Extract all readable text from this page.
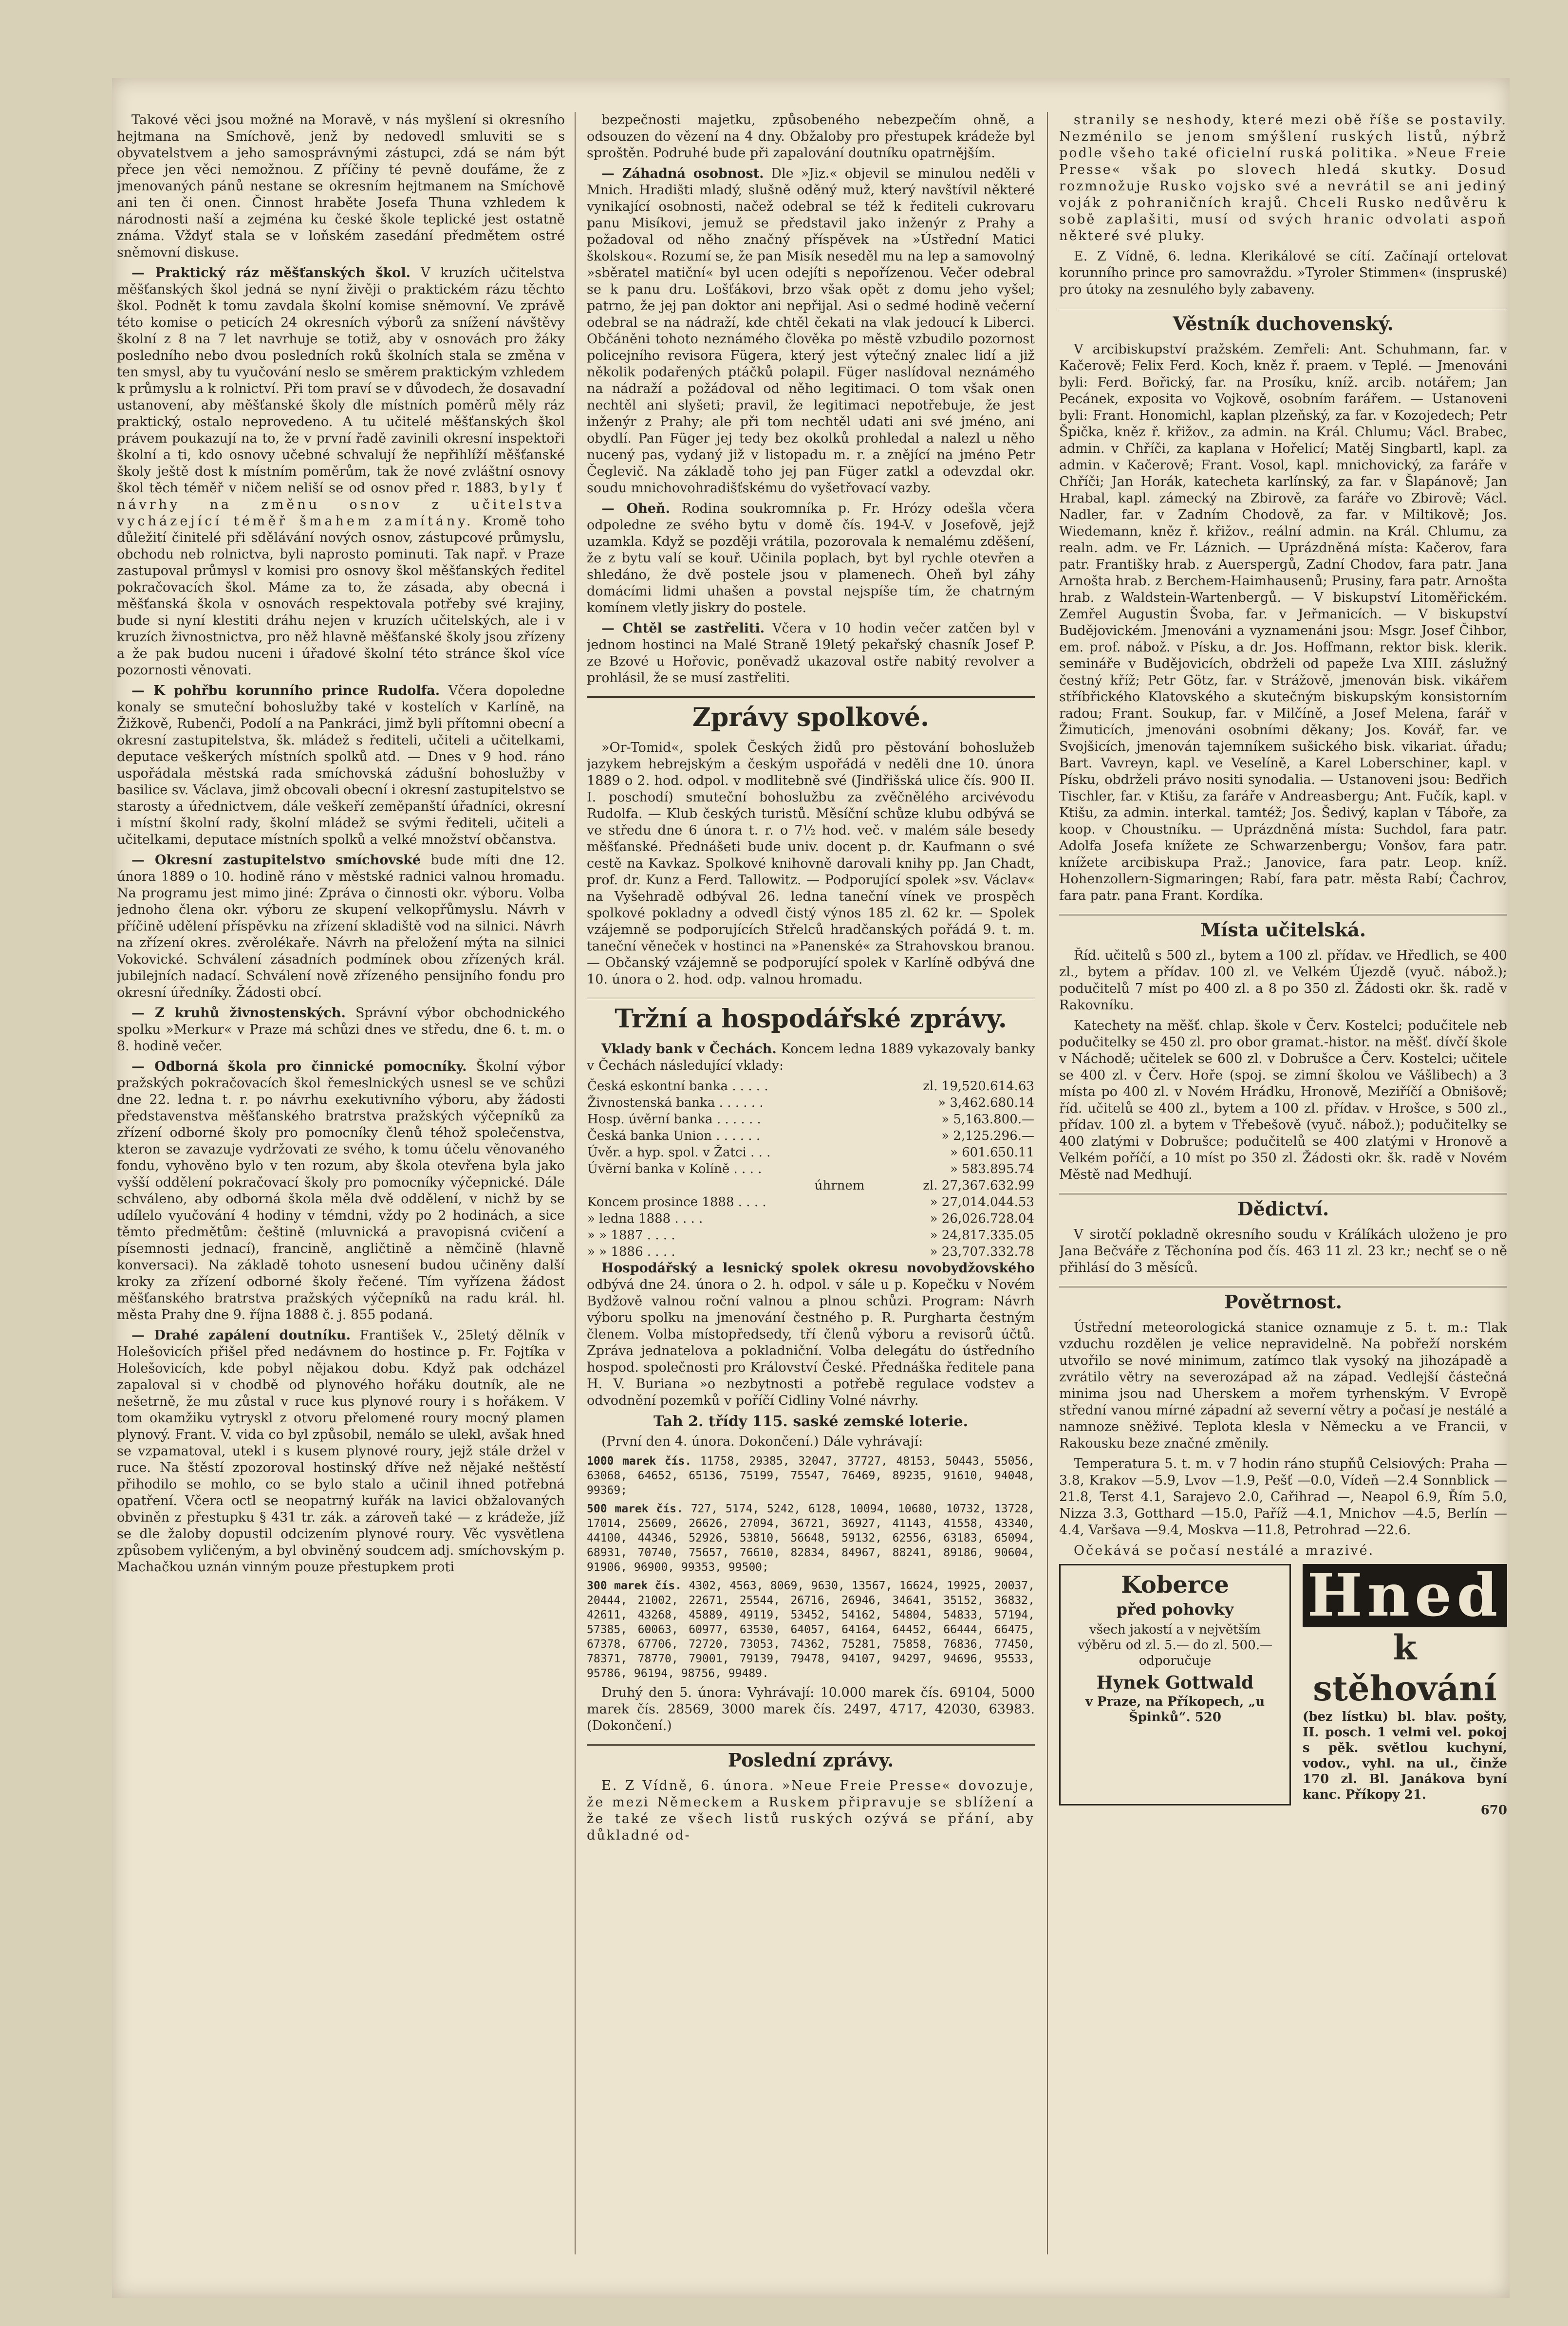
Takové věci jsou možné na Moravě, v nás myšlení si okresního hejtmana na Smíchově, jenž by nedovedl smluviti se s obyvatelstvem a jeho samosprávnými zástupci, zdá se nám být přece jen věci nemožnou. Z příčiny té pevně doufáme, že z jmenovaných pánů nestane se okresním hejtmanem na Smíchově ani ten či onen. Činnost hraběte Josefa Thuna vzhledem k národnosti naší a zejména ku české škole teplické jest ostatně známa. Vždyť stala se v loňském zasedání předmětem ostré sněmovní diskuse.

— Praktický ráz měšťanských škol. V kruzích učitelstva měšťanských škol jedná se nyní živěji o praktickém rázu těchto škol. Podnět k tomu zavdala školní komise sněmovní. Ve zprávě této komise o peticích 24 okresních výborů za snížení návštěvy školní z 8 na 7 let navrhuje se totiž, aby v osnovách pro žáky posledního nebo dvou posledních roků školních stala se změna v ten smysl, aby tu vyučování neslo se směrem praktickým vzhledem k průmyslu a k rolnictví. Při tom praví se v důvodech, že dosavadní ustanovení, aby měšťanské školy dle místních poměrů měly ráz praktický, ostalo neprovedeno. A tu učitelé měšťanských škol právem poukazují na to, že v první řadě zavinili okresní inspektoři školní a ti, kdo osnovy učebné schvalují že nepřihlíží měšťanské školy ještě dost k místním poměrům, tak že nové zvláštní osnovy škol těch téměř v ničem neliší se od osnov před r. 1883, byly ť návrhy na změnu osnov z učitelstva vycházející téměř šmahem zamítány. Kromě toho důležití činitelé při sdělávání nových osnov, zástupcové průmyslu, obchodu neb rolnictva, byli naprosto pominuti. Tak např. v Praze zastupoval průmysl v komisi pro osnovy škol měšťanských ředitel pokračovacích škol. Máme za to, že zásada, aby obecná i měšťanská škola v osnovách respektovala potřeby své krajiny, bude si nyní klestiti dráhu nejen v kruzích učitelských, ale i v kruzích živnostnictva, pro něž hlavně měšťanské školy jsou zřízeny a že pak budou nuceni i úřadové školní této stránce škol více pozornosti věnovati.

— K pohřbu korunního prince Rudolfa. Včera dopoledne konaly se smuteční bohoslužby také v kostelích v Karlíně, na Žižkově, Rubenči, Podolí a na Pankráci, jimž byli přítomni obecní a okresní zastupitelstva, šk. mládež s řediteli, učiteli a učitelkami, deputace veškerých místních spolků atd. — Dnes v 9 hod. ráno uspořádala městská rada smíchovská zádušní bohoslužby v basilice sv. Václava, jimž obcovali obecní i okresní zastupitelstvo se starosty a úřednictvem, dále veškeří zeměpanští úřadníci, okresní i místní školní rady, školní mládež se svými řediteli, učiteli a učitelkami, deputace místních spolků a velké množství občanstva.

— Okresní zastupitelstvo smíchovské bude míti dne 12. února 1889 o 10. hodině ráno v městské radnici valnou hromadu. Na programu jest mimo jiné: Zpráva o činnosti okr. výboru. Volba jednoho člena okr. výboru ze skupení velkopřůmyslu. Návrh v příčině udělení příspěvku na zřízení skladiště vod na silnici. Návrh na zřízení okres. zvěrolékaře. Návrh na přeložení mýta na silnici Vokovické. Schválení zásadních podmínek obou zřízených král. jubilejních nadací. Schválení nově zřízeného pensijního fondu pro okresní úředníky. Žádosti obcí.

— Z kruhů živnostenských. Správní výbor obchodnického spolku »Merkur« v Praze má schůzi dnes ve středu, dne 6. t. m. o 8. hodině večer.

— Odborná škola pro činnické pomocníky. Školní výbor pražských pokračovacích škol řemeslnických usnesl se ve schůzi dne 22. ledna t. r. po návrhu exekutivního výboru, aby žádosti představenstva měšťanského bratrstva pražských výčepníků za zřízení odborné školy pro pomocníky členů téhož společenstva, kteron se zavazuje vydržovati ze svého, k tomu účelu věnovaného fondu, vyhověno bylo v ten rozum, aby škola otevřena byla jako vyšší oddělení pokračovací školy pro pomocníky výčepnické. Dále schváleno, aby odborná škola měla dvě oddělení, v nichž by se udílelo vyučování 4 hodiny v témdni, vždy po 2 hodinách, a sice těmto předmětům: češtině (mluvnická a pravopisná cvičení a písemnosti jednací), francině, angličtině a němčině (hlavně konversaci). Na základě tohoto usnesení budou učiněny další kroky za zřízení odborné školy řečené. Tím vyřízena žádost měšťanského bratrstva pražských výčepníků na radu král. hl. města Prahy dne 9. října 1888 č. j. 855 podaná.

— Drahé zapálení doutníku. František V., 25letý dělník v Holešovicích přišel před nedávnem do hostince p. Fr. Fojtíka v Holešovicích, kde pobyl nějakou dobu. Když pak odcházel zapaloval si v chodbě od plynového hořáku doutník, ale ne nešetrně, že mu zůstal v ruce kus plynové roury i s hořákem. V tom okamžiku vytryskl z otvoru přelomené roury mocný plamen plynový. Frant. V. vida co byl způsobil, nemálo se ulekl, avšak hned se vzpamatoval, utekl i s kusem plynové roury, jejž stále držel v ruce. Na štěstí zpozoroval hostinský dříve než nějaké neštěstí přihodilo se mohlo, co se bylo stalo a učinil ihned potřebná opatření. Včera octl se neopatrný kuřák na lavici obžalovaných obviněn z přestupku § 431 tr. zák. a zároveň také — z krádeže, jíž se dle žaloby dopustil odcizením plynové roury. Věc vysvětlena způsobem vyličeným, a byl obviněný soudcem adj. smíchovským p. Machačkou uznán vinným pouze přestupkem proti

bezpečnosti majetku, způsobeného nebezpečím ohně, a odsouzen do vězení na 4 dny. Obžaloby pro přestupek krádeže byl sproštěn. Podruhé bude při zapalování doutníku opatrnějším.

— Záhadná osobnost. Dle »Jiz.« objevil se minulou neděli v Mnich. Hradišti mladý, slušně oděný muž, který navštívil některé vynikající osobnosti, načež odebral se též k řediteli cukrovaru panu Misíkovi, jemuž se představil jako inženýr z Prahy a požadoval od něho značný příspěvek na »Ústřední Matici školskou«. Rozumí se, že pan Misík neseděl mu na lep a samovolný »sběratel matiční« byl ucen odejíti s nepořízenou. Večer odebral se k panu dru. Lošťákovi, brzo však opět z domu jeho vyšel; patrno, že jej pan doktor ani nepřijal. Asi o sedmé hodině večerní odebral se na nádraží, kde chtěl čekati na vlak jedoucí k Liberci. Občáněni tohoto neznámého člověka po městě vzbudilo pozornost policejního revisora Fügera, který jest výtečný znalec lidí a již několik podařených ptáčků polapil. Füger naslídoval neznámého na nádraží a požádoval od něho legitimaci. O tom však onen nechtěl ani slyšeti; pravil, že legitimaci nepotřebuje, že jest inženýr z Prahy; ale při tom nechtěl udati ani své jméno, ani obydlí. Pan Füger jej tedy bez okolků prohledal a nalezl u něho nucený pas, vydaný již v listopadu m. r. a znějící na jméno Petr Čeglevič. Na základě toho jej pan Füger zatkl a odevzdal okr. soudu mnichovohradišťskému do vyšetřovací vazby.

— Oheň. Rodina soukromníka p. Fr. Hrózy odešla včera odpoledne ze svého bytu v domě čís. 194-V. v Josefově, jejž uzamkla. Když se později vrátila, pozorovala k nemalému zděšení, že z bytu valí se kouř. Učinila poplach, byt byl rychle otevřen a shledáno, že dvě postele jsou v plamenech. Oheň byl záhy domácími lidmi uhašen a povstal nejspíše tím, že chatrným komínem vletly jiskry do postele.

— Chtěl se zastřeliti. Včera v 10 hodin večer zatčen byl v jednom hostinci na Malé Straně 19letý pekařský chasník Josef P. ze Bzové u Hořovic, poněvadž ukazoval ostře nabitý revolver a prohlásil, že se musí zastřeliti.

Zprávy spolkové.

»Or-Tomid«, spolek Českých židů pro pěstování bohoslužeb jazykem hebrejským a českým uspořádá v neděli dne 10. února 1889 o 2. hod. odpol. v modlitebně své (Jindřišská ulice čís. 900 II. I. poschodí) smuteční bohoslužbu za zvěčnělého arcivévodu Rudolfa. — Klub českých turistů. Měsíční schůze klubu odbývá se ve středu dne 6 února t. r. o 7½ hod. več. v malém sále besedy měšťanské. Přednášeti bude univ. docent p. dr. Kaufmann o své cestě na Kavkaz. Spolkové knihovně darovali knihy pp. Jan Chadt, prof. dr. Kunz a Ferd. Tallowitz. — Podporující spolek »sv. Václav« na Vyšehradě odbýval 26. ledna taneční vínek ve prospěch spolkové pokladny a odvedl čistý výnos 185 zl. 62 kr. — Spolek vzájemně se podporujících Střelců hradčanských pořádá 9. t. m. taneční věneček v hostinci na »Panenské« za Strahovskou branou. — Občanský vzájemně se podporující spolek v Karlíně odbývá dne 10. února o 2. hod. odp. valnou hromadu.

Tržní a hospodářské zprávy.

Vklady bank v Čechách. Koncem ledna 1889 vykazovaly banky v Čechách následující vklady:

Česká eskontní banka . . . . .	zl. 19,520.614.63
Živnostenská banka . . . . . .	» 3,462.680.14
Hosp. úvěrní banka . . . . . .	» 5,163.800.—
Česká banka Union . . . . . .	» 2,125.296.—
Úvěr. a hyp. spol. v Žatci . . .	» 601.650.11
Úvěrní banka v Kolíně . . . .	» 583.895.74
úhrnem	zl. 27,367.632.99
Koncem prosince 1888 . . . .	» 27,014.044.53
» ledna 1888 . . . .	» 26,026.728.04
» » 1887 . . . .	» 24,817.335.05
» » 1886 . . . .	» 23,707.332.78

Hospodářský a lesnický spolek okresu novobydžovského odbývá dne 24. února o 2. h. odpol. v sále u p. Kopečku v Novém Bydžově valnou roční valnou a plnou schůzi. Program: Návrh výboru spolku na jmenování čestného p. R. Purgharta čestným členem. Volba místopředsedy, tří členů výboru a revisorů účtů. Zpráva jednatelova a pokladniční. Volba delegátu do ústředního hospod. společnosti pro Království České. Přednáška ředitele pana H. V. Buriana »o nezbytnosti a potřebě regulace vodstev a odvodnění pozemků v poříčí Cidliny Volné návrhy.

Tah 2. třídy 115. saské zemské loterie.

(První den 4. února. Dokončení.) Dále vyhrávají:

1000 marek čís. 11758, 29385, 32047, 37727, 48153, 50443, 55056, 63068, 64652, 65136, 75199, 75547, 76469, 89235, 91610, 94048, 99369;

500 marek čís. 727, 5174, 5242, 6128, 10094, 10680, 10732, 13728, 17014, 25609, 26626, 27094, 36721, 36927, 41143, 41558, 43340, 44100, 44346, 52926, 53810, 56648, 59132, 62556, 63183, 65094, 68931, 70740, 75657, 76610, 82834, 84967, 88241, 89186, 90604, 91906, 96900, 99353, 99500;

300 marek čís. 4302, 4563, 8069, 9630, 13567, 16624, 19925, 20037, 20444, 21002, 22671, 25544, 26716, 26946, 34641, 35152, 36832, 42611, 43268, 45889, 49119, 53452, 54162, 54804, 54833, 57194, 57385, 60063, 60977, 63530, 64057, 64164, 64452, 66444, 66475, 67378, 67706, 72720, 73053, 74362, 75281, 75858, 76836, 77450, 78371, 78770, 79001, 79139, 79478, 94107, 94297, 94696, 95533, 95786, 96194, 98756, 99489.

Druhý den 5. února: Vyhrávají: 10.000 marek čís. 69104, 5000 marek čís. 28569, 3000 marek čís. 2497, 4717, 42030, 63983. (Dokončení.)

Poslední zprávy.

E. Z Vídně, 6. února. »Neue Freie Presse« dovozuje, že mezi Německem a Ruskem připravuje se sblížení a že také ze všech listů ruských ozývá se přání, aby důkladné od-

stranily se neshody, které mezi obě říše se postavily. Nezménilo se jenom smýšlení ruských listů, nýbrž podle všeho také oficielní ruská politika. »Neue Freie Presse« však po slovech hledá skutky. Dosud rozmnožuje Rusko vojsko své a nevrátil se ani jediný voják z pohraničních krajů. Chceli Rusko nedůvěru k sobě zaplašiti, musí od svých hranic odvolati aspoň některé své pluky.

E. Z Vídně, 6. ledna. Klerikálové se cítí. Začínají ortelovat korunního prince pro samovraždu. »Tyroler Stimmen« (inspruské) pro útoky na zesnulého byly zabaveny.

Věstník duchovenský.

V arcibiskupství pražském. Zemřeli: Ant. Schuhmann, far. v Kačerově; Felix Ferd. Koch, kněz ř. praem. v Teplé. — Jmenováni byli: Ferd. Bořický, far. na Prosíku, kníž. arcib. notářem; Jan Pecánek, exposita vo Vojkově, osobním farářem. — Ustanoveni byli: Frant. Honomichl, kaplan plzeňský, za far. v Kozojedech; Petr Špička, kněz ř. křižov., za admin. na Král. Chlumu; Václ. Brabec, admin. v Chříči, za kaplana v Hořelicí; Matěj Singbartl, kapl. za admin. v Kačerově; Frant. Vosol, kapl. mnichovický, za faráře v Chříči; Jan Horák, katecheta karlínský, za far. v Šlapánově; Jan Hrabal, kapl. zámecký na Zbirově, za faráře vo Zbirově; Václ. Nadler, far. v Zadním Chodově, za far. v Miltikově; Jos. Wiedemann, kněz ř. křižov., reální admin. na Král. Chlumu, za realn. adm. ve Fr. Láznich. — Uprázdněná místa: Kačerov, fara patr. Františky hrab. z Auerspergů, Zadní Chodov, fara patr. Jana Arnošta hrab. z Berchem-Haimhausenů; Prusiny, fara patr. Arnošta hrab. z Waldstein-Wartenbergů. — V biskupství Litoměřickém. Zemřel Augustin Švoba, far. v Jeřmanicích. — V biskupství Budějovickém. Jmenováni a vyznamenáni jsou: Msgr. Josef Čihbor, em. prof. nábož. v Písku, a dr. Jos. Hoffmann, rektor bisk. klerik. semináře v Budějovicích, obdrželi od papeže Lva XIII. záslužný čestný kříž; Petr Götz, far. v Strážově, jmenován bisk. vikářem stříbřického Klatovského a skutečným biskupským konsistorním radou; Frant. Soukup, far. v Milčíně, a Josef Melena, farář v Žimuticích, jmenováni osobními děkany; Jos. Kovář, far. ve Svojšicích, jmenován tajemníkem sušického bisk. vikariat. úřadu; Bart. Vavreyn, kapl. ve Veselíně, a Karel Loberschiner, kapl. v Písku, obdrželi právo nositi synodalia. — Ustanoveni jsou: Bedřich Tischler, far. v Ktišu, za faráře v Andreasbergu; Ant. Fučík, kapl. v Ktišu, za admin. interkal. tamtéž; Jos. Šedivý, kaplan v Táboře, za koop. v Choustníku. — Uprázdněná místa: Suchdol, fara patr. Adolfa Josefa knížete ze Schwarzenbergu; Vonšov, fara patr. knížete arcibiskupa Praž.; Janovice, fara patr. Leop. kníž. Hohenzollern-Sigmaringen; Rabí, fara patr. města Rabí; Čachrov, fara patr. pana Frant. Kordíka.

Místa učitelská.

Říd. učitelů s 500 zl., bytem a 100 zl. přídav. ve Hředlich, se 400 zl., bytem a přídav. 100 zl. ve Velkém Újezdě (vyuč. nábož.); podučitelů 7 míst po 400 zl. a 8 po 350 zl. Žádosti okr. šk. radě v Rakovníku.

Katechety na měšť. chlap. škole v Červ. Kostelci; podučitele neb podučitelky se 450 zl. pro obor gramat.-histor. na měšť. dívčí škole v Náchodě; učitelek se 600 zl. v Dobrušce a Červ. Kostelci; učitele se 400 zl. v Červ. Hoře (spoj. se zimní školou ve Vášlibech) a 3 místa po 400 zl. v Novém Hrádku, Hronově, Meziříčí a Obnišově; říd. učitelů se 400 zl., bytem a 100 zl. přídav. v Hrošce, s 500 zl., přídav. 100 zl. a bytem v Třebešově (vyuč. nábož.); podučitelky se 400 zlatými v Dobrušce; podučitelů se 400 zlatými v Hronově a Velkém poříčí, a 10 míst po 350 zl. Žádosti okr. šk. radě v Novém Městě nad Medhují.

Dědictví.

V sirotčí pokladně okresního soudu v Králíkách uloženo je pro Jana Bečváře z Těchonína pod čís. 463 11 zl. 23 kr.; nechť se o ně přihlásí do 3 měsíců.

Povětrnost.

Ústřední meteorologická stanice oznamuje z 5. t. m.: Tlak vzduchu rozdělen je velice nepravidelně. Na pobřeží norském utvořilo se nové minimum, zatímco tlak vysoký na jihozápadě a zvrátilo větry na severozápad až na západ. Vedlejší částečná minima jsou nad Uherskem a mořem tyrhenským. V Evropě střední vanou mírné západní až severní větry a počasí je nestálé a namnoze sněživé. Teplota klesla v Německu a ve Francii, v Rakousku beze značné změnily.

Temperatura 5. t. m. v 7 hodin ráno stupňů Celsiových: Praha —3.8, Krakov —5.9, Lvov —1.9, Pešť —0.0, Vídeň —2.4 Sonnblick —21.8, Terst 4.1, Sarajevo 2.0, Cařihrad —, Neapol 6.9, Řím 5.0, Nizza 3.3, Gotthard —15.0, Paříž —4.1, Mnichov —4.5, Berlín —4.4, Varšava —9.4, Moskva —11.8, Petrohrad —22.6.

Očekává se počasí nestálé a mrazivé.

Koberce
před pohovky
všech jakostí a v největším výběru od zl. 5.— do zl. 500.— odporučuje
Hynek Gottwald
v Praze, na Příkopech, „u Špinků“. 520
Hned
k stěhování
(bez lístku) bl. blav. pošty, II. posch. 1 velmi vel. pokoj s pěk. světlou kuchyní, vodov., vyhl. na ul., činže 170 zl. Bl. Janákova byní kanc. Příkopy 21.
670
